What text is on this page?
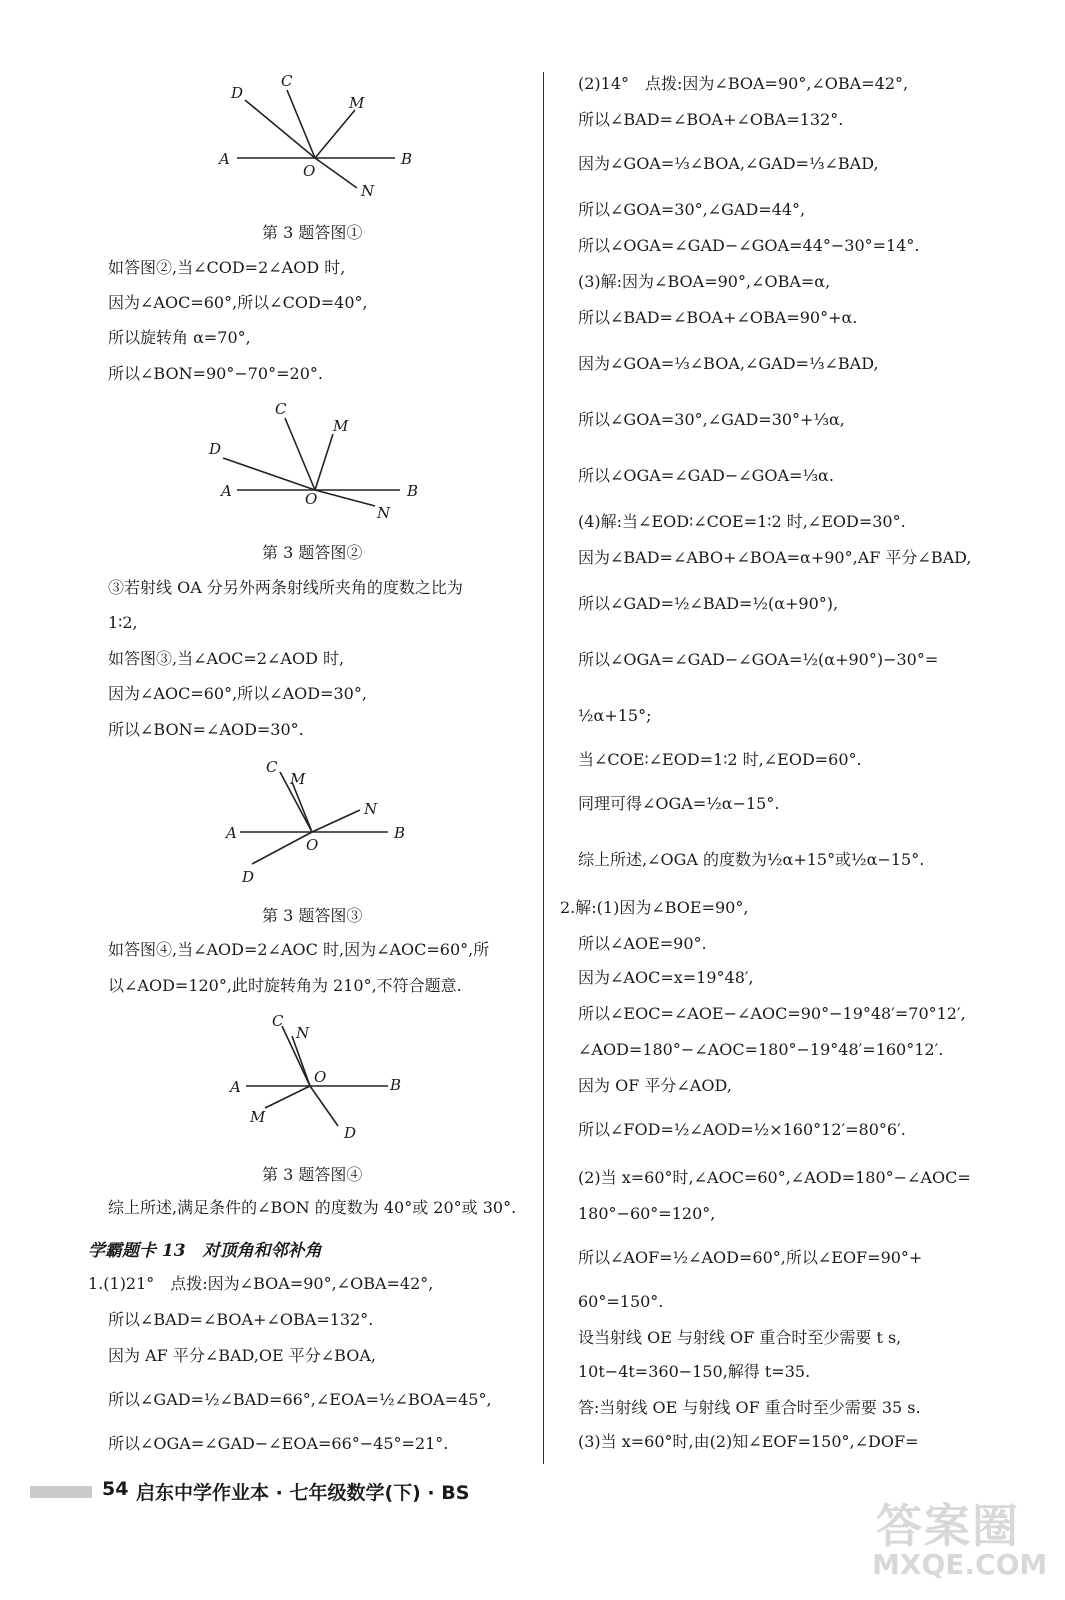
A	B
C
D
M
N
O
第 3 题答图①
如答图②,当∠COD=2∠AOD 时,
因为∠AOC=60°,所以∠COD=40°,
所以旋转角 α=70°,
所以∠BON=90°−70°=20°.
A	B
C
D
M
N
O
第 3 题答图②
③若射线 OA 分另外两条射线所夹角的度数之比为
1∶2,
如答图③,当∠AOC=2∠AOD 时,
因为∠AOC=60°,所以∠AOD=30°,
所以∠BON=∠AOD=30°.
A	B
C
D
M
N
O
第 3 题答图③
如答图④,当∠AOD=2∠AOC 时,因为∠AOC=60°,所
以∠AOD=120°,此时旋转角为 210°,不符合题意.
A	B
C
D
M
N
O
第 3 题答图④
综上所述,满足条件的∠BON 的度数为 40°或 20°或 30°.
学霸题卡 13　对顶角和邻补角
1.(1)21°　点拨:因为∠BOA=90°,∠OBA=42°,
所以∠BAD=∠BOA+∠OBA=132°.
因为 AF 平分∠BAD,OE 平分∠BOA,
所以∠GAD=½∠BAD=66°,∠EOA=½∠BOA=45°,
所以∠OGA=∠GAD−∠EOA=66°−45°=21°.
(2)14°　点拨:因为∠BOA=90°,∠OBA=42°,
所以∠BAD=∠BOA+∠OBA=132°.
因为∠GOA=⅓∠BOA,∠GAD=⅓∠BAD,
所以∠GOA=30°,∠GAD=44°,
所以∠OGA=∠GAD−∠GOA=44°−30°=14°.
(3)解:因为∠BOA=90°,∠OBA=α,
所以∠BAD=∠BOA+∠OBA=90°+α.
因为∠GOA=⅓∠BOA,∠GAD=⅓∠BAD,
所以∠GOA=30°,∠GAD=30°+⅓α,
所以∠OGA=∠GAD−∠GOA=⅓α.
(4)解:当∠EOD∶∠COE=1∶2 时,∠EOD=30°.
因为∠BAD=∠ABO+∠BOA=α+90°,AF 平分∠BAD,
所以∠GAD=½∠BAD=½(α+90°),
所以∠OGA=∠GAD−∠GOA=½(α+90°)−30°=
½α+15°;
当∠COE∶∠EOD=1∶2 时,∠EOD=60°.
同理可得∠OGA=½α−15°.
综上所述,∠OGA 的度数为½α+15°或½α−15°.
2.解:(1)因为∠BOE=90°,
所以∠AOE=90°.
因为∠AOC=x=19°48′,
所以∠EOC=∠AOE−∠AOC=90°−19°48′=70°12′,
∠AOD=180°−∠AOC=180°−19°48′=160°12′.
因为 OF 平分∠AOD,
所以∠FOD=½∠AOD=½×160°12′=80°6′.
(2)当 x=60°时,∠AOC=60°,∠AOD=180°−∠AOC=
180°−60°=120°,
所以∠AOF=½∠AOD=60°,所以∠EOF=90°+
60°=150°.
设当射线 OE 与射线 OF 重合时至少需要 t s,
10t−4t=360−150,解得 t=35.
答:当射线 OE 与射线 OF 重合时至少需要 35 s.
(3)当 x=60°时,由(2)知∠EOF=150°,∠DOF=
54 启东中学作业本 · 七年级数学(下) · BS
答案圈
MXQE.COM
